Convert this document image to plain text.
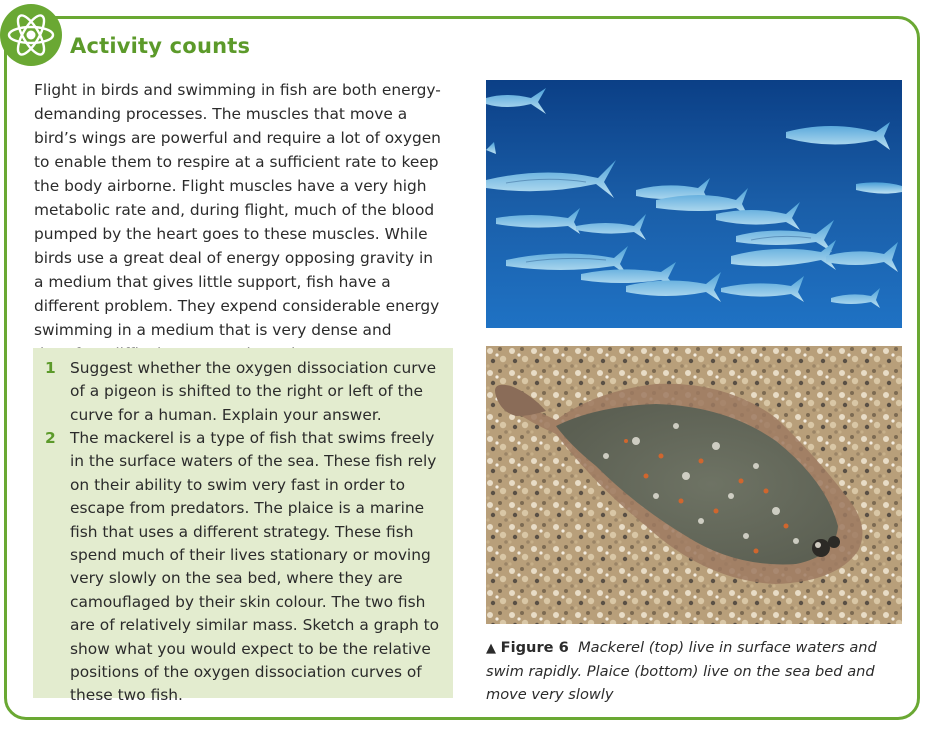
Activity counts
Flight in birds and swimming in fish are both energy-demanding processes. The muscles that move a bird’s wings are powerful and require a lot of oxygen to enable them to respire at a sufficient rate to keep the body airborne. Flight muscles have a very high metabolic rate and, during flight, much of the blood pumped by the heart goes to these muscles. While birds use a great deal of energy opposing gravity in a medium that gives little support, fish have a different problem. They expend considerable energy swimming in a medium that is very dense and
1 Suggest whether the oxygen dissociation curve of a pigeon is shifted to the right or left of the curve for a human. Explain your answer.
2 The mackerel is a type of fish that swims freely in the surface waters of the sea. These fish rely on their ability to swim very fast in order to escape from predators. The plaice is a marine fish that uses a different strategy. These fish spend much of their lives stationary or moving very slowly on the sea bed, where they are camouflaged by their skin colour. The two fish are of relatively similar mass. Sketch a graph to show what you would expect to be the relative positions of the oxygen dissociation curves of these two fish.
▲ Figure 6 Mackerel (top) live in surface waters and swim rapidly. Plaice (bottom) live on the sea bed and move very slowly
